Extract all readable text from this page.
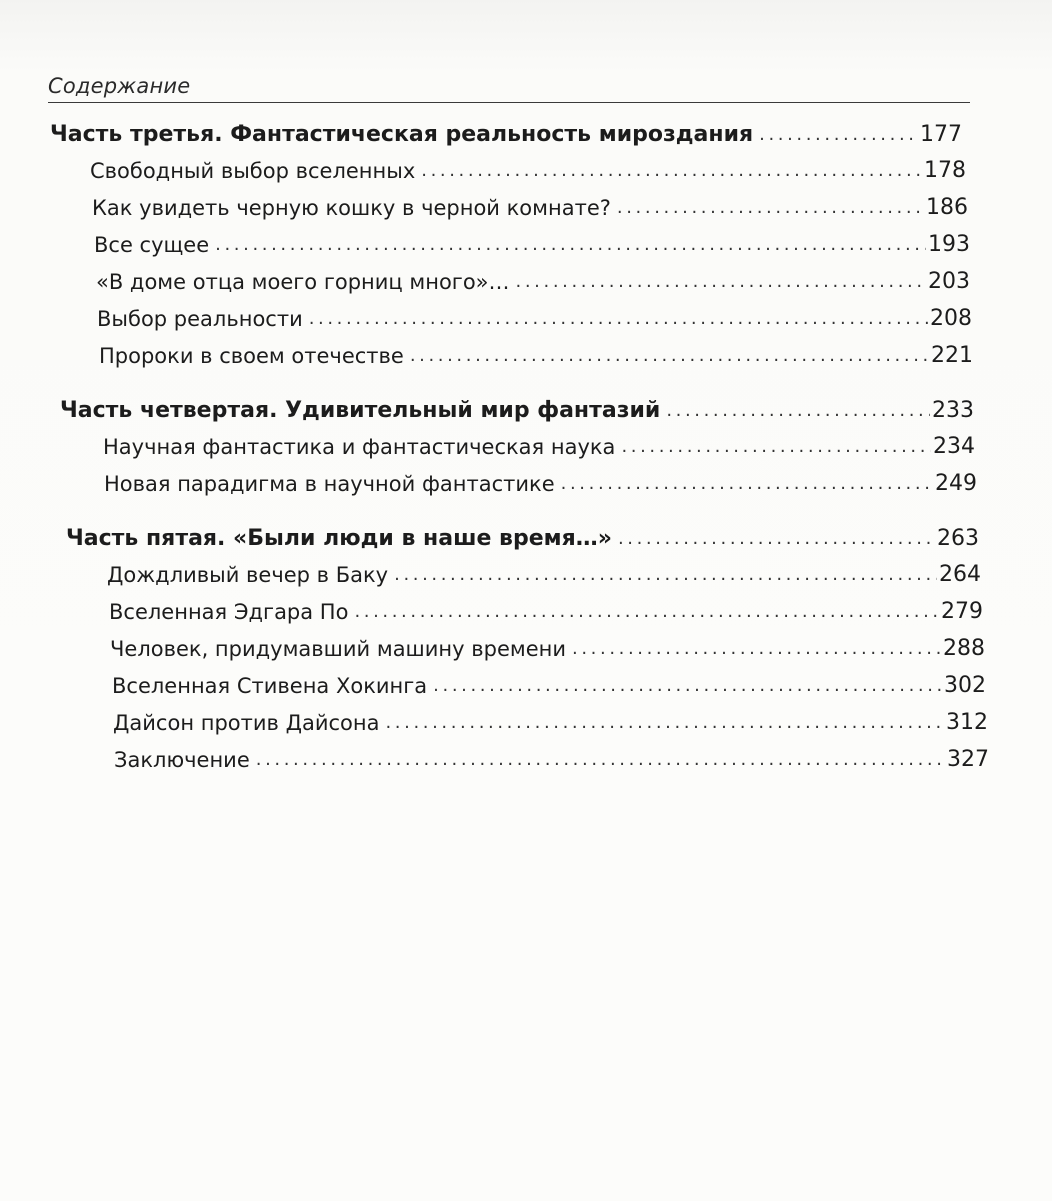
Содержание
Часть третья. Фантастическая реальность мироздания .....	177
Свободный выбор вселенных .....	178
Как увидеть черную кошку в черной комнате? .....	186
Все сущее .....	193
«В доме отца моего горниц много»… .....	203
Выбор реальности .....	208
Пророки в своем отечестве .....	221
Часть четвертая. Удивительный мир фантазий .....	233
Научная фантастика и фантастическая наука .....	234
Новая парадигма в научной фантастике .....	249
Часть пятая. «Были люди в наше время…» .....	263
Дождливый вечер в Баку .....	264
Вселенная Эдгара По .....	279
Человек, придумавший машину времени .....	288
Вселенная Стивена Хокинга .....	302
Дайсон против Дайсона .....	312
Заключение .....	327
